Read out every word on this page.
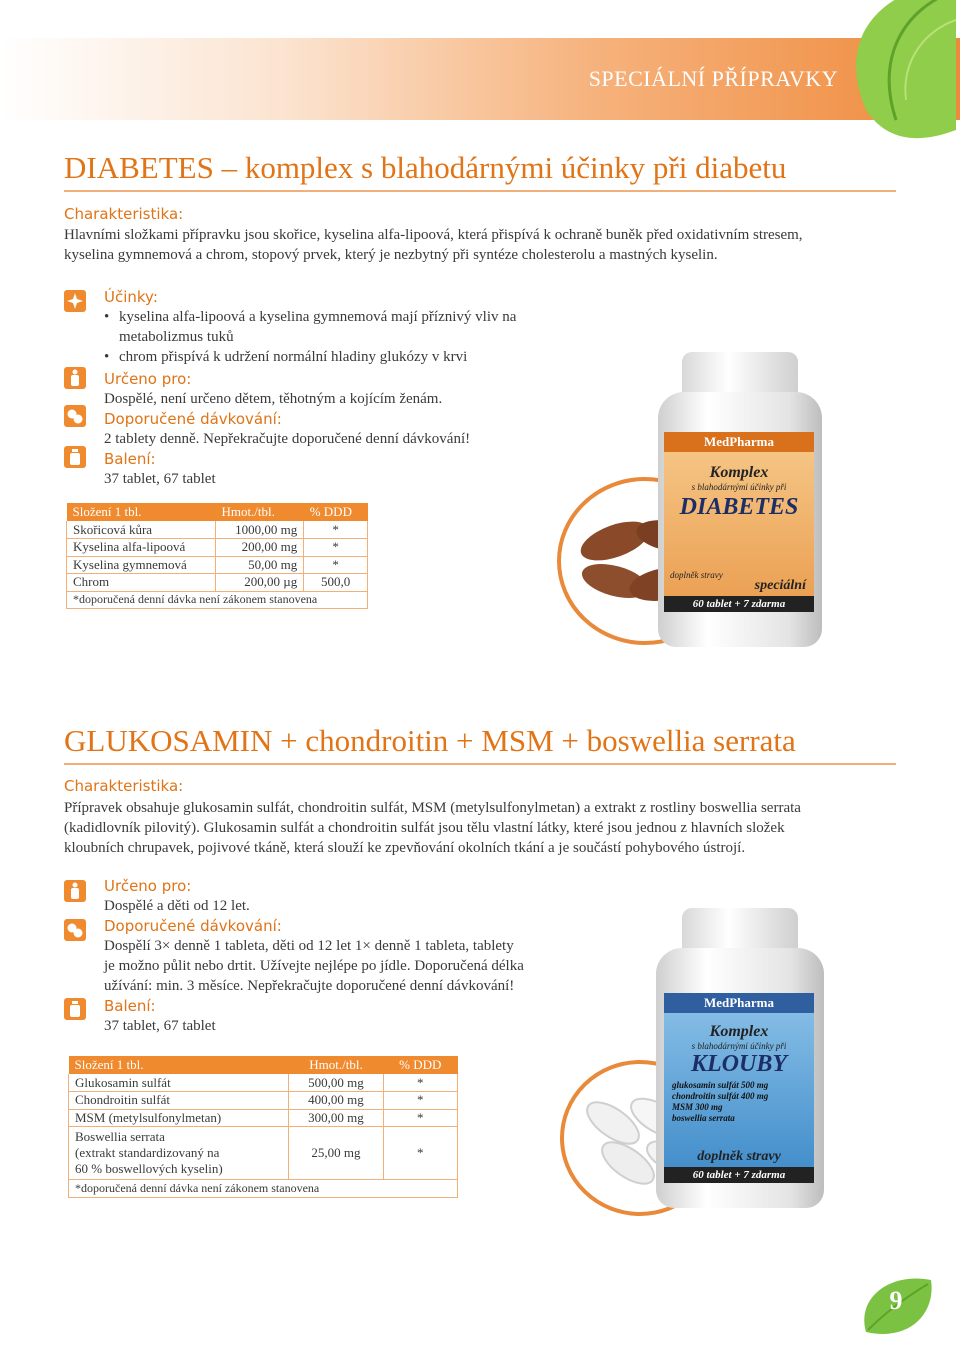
SPECIÁLNÍ PŘÍPRAVKY
DIABETES – komplex s blahodárnými účinky při diabetu
Charakteristika:
Hlavními složkami přípravku jsou skořice, kyselina alfa-lipoová, která přispívá k ochraně buněk před oxidativním stresem,
kyselina gymnemová a chrom, stopový prvek, který je nezbytný při syntéze cholesterolu a mastných kyselin.
Účinky:
• kyselina alfa-lipoová a kyselina gymnemová mají příznivý vliv na metabolizmus tuků
• chrom přispívá k udržení normální hladiny glukózy v krvi
Určeno pro:
Dospělé, není určeno dětem, těhotným a kojícím ženám.
Doporučené dávkování:
2 tablety denně. Nepřekračujte doporučené denní dávkování!
Balení:
37 tablet, 67 tablet
Složení 1 tbl.	Hmot./tbl.	% DDD
Skořicová kůra	1000,00 mg	*
Kyselina alfa-lipoová	200,00 mg	*
Kyselina gymnemová	50,00 mg	*
Chrom	200,00 µg	500,0
*doporučená denní dávka není zákonem stanovena		
MedPharma
Komplex
s blahodárnými účinky při
DIABETES
doplněk stravy
speciální
60 tablet + 7 zdarma
GLUKOSAMIN + chondroitin + MSM + boswellia serrata
Charakteristika:
Přípravek obsahuje glukosamin sulfát, chondroitin sulfát, MSM (metylsulfonylmetan) a extrakt z rostliny boswellia serrata
(kadidlovník pilovitý). Glukosamin sulfát a chondroitin sulfát jsou tělu vlastní látky, které jsou jednou z hlavních složek
kloubních chrupavek, pojivové tkáně, která slouží ke zpevňování okolních tkání a je součástí pohybového ústrojí.
Určeno pro:
Dospělé a děti od 12 let.
Doporučené dávkování:
Dospělí 3× denně 1 tableta, děti od 12 let 1× denně 1 tableta, tablety
je možno půlit nebo drtit. Užívejte nejlépe po jídle. Doporučená délka
užívání: min. 3 měsíce. Nepřekračujte doporučené denní dávkování!
Balení:
37 tablet, 67 tablet
Složení 1 tbl.	Hmot./tbl.	% DDD
Glukosamin sulfát	500,00 mg	*
Chondroitin sulfát	400,00 mg	*
MSM (metylsulfonylmetan)	300,00 mg	*

Boswellia serrata
(extrakt standardizovaný na
60 % boswellových kyselin)	25,00 mg	*
*doporučená denní dávka není zákonem stanovena		
MedPharma
Komplex
s blahodárnými účinky při
KLOUBY
glukosamin sulfát 500 mg
chondroitin sulfát 400 mg
MSM 300 mg
boswellia serrata
doplněk stravy
60 tablet + 7 zdarma
9
